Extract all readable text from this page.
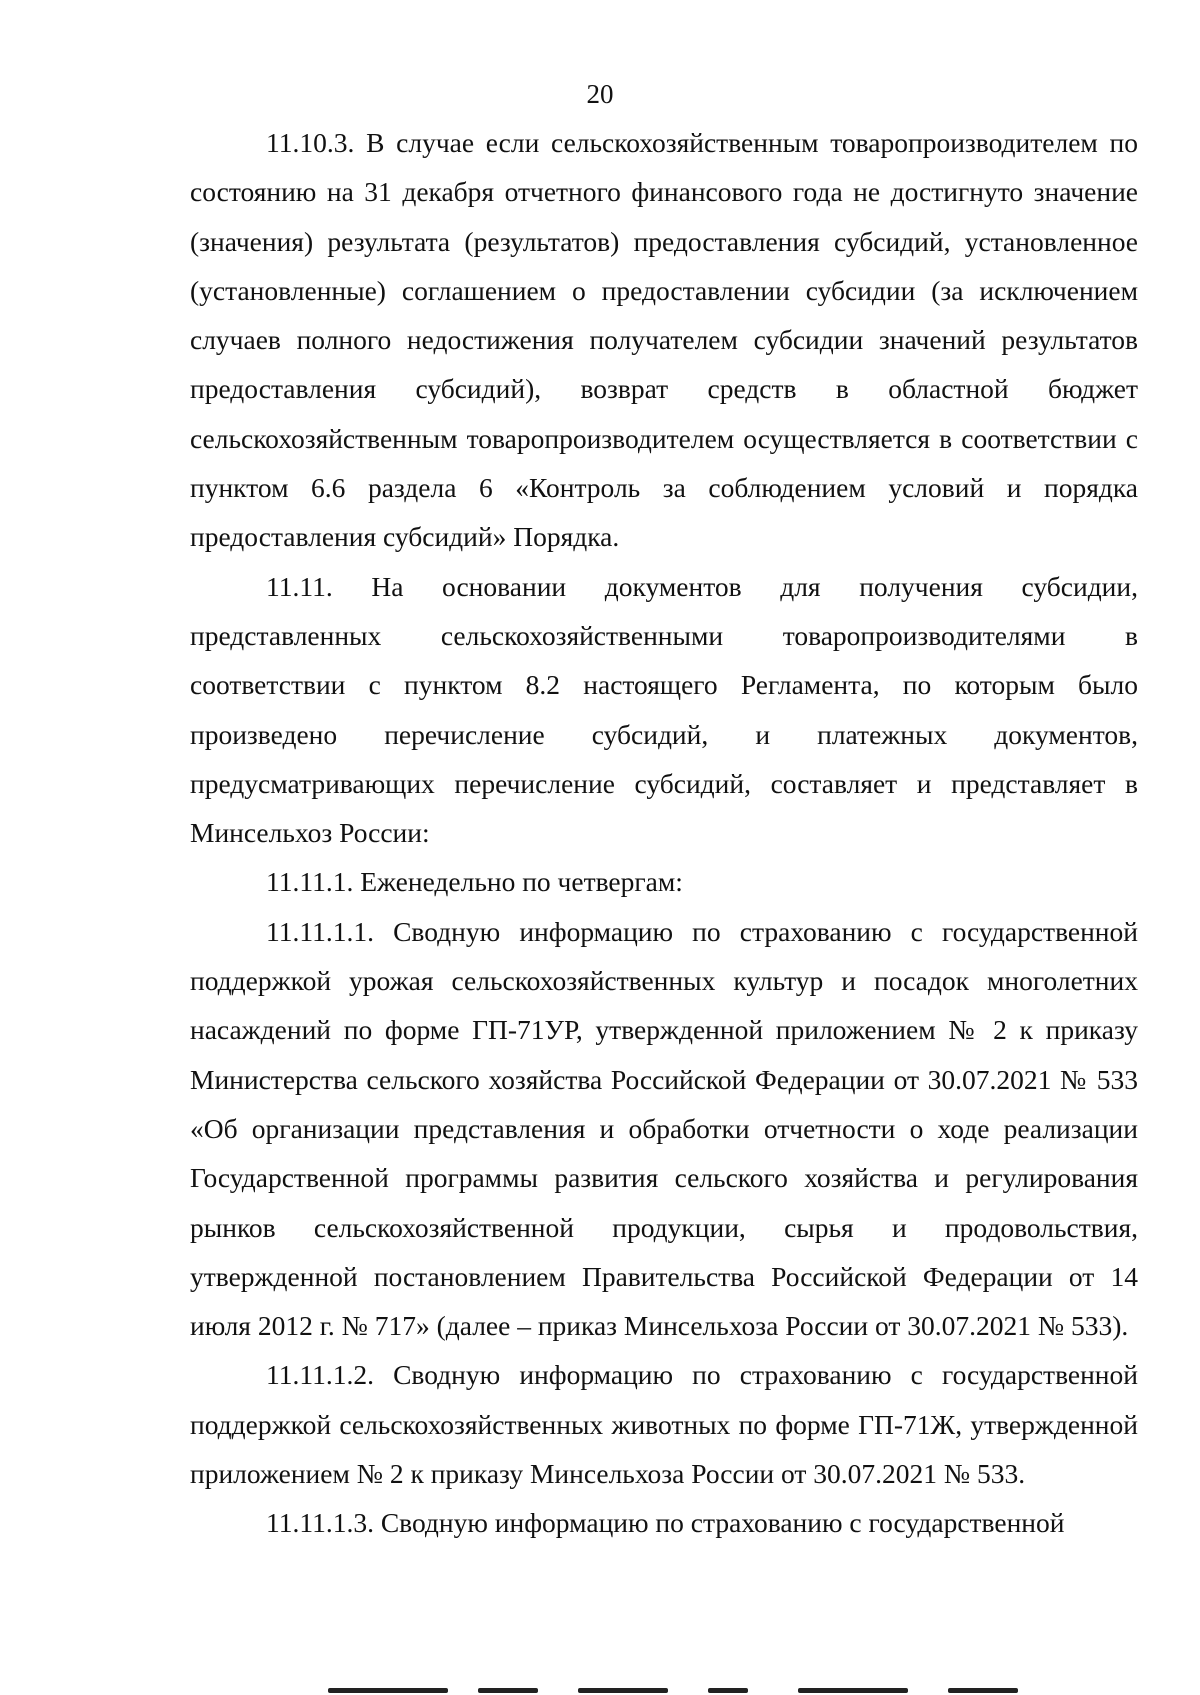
20

11.10.3. В случае если сельскохозяйственным товаропроизводителем по состоянию на 31 декабря отчетного финансового года не достигнуто значение (значения) результата (результатов) предоставления субсидий, установленное (установленные) соглашением о предоставлении субсидии (за исключением случаев полного недостижения получателем субсидии значений результатов предоставления субсидий), возврат средств в областной бюджет сельскохозяйственным товаропроизводителем осуществляется в соответствии с пунктом 6.6 раздела 6 «Контроль за соблюдением условий и порядка предоставления субсидий» Порядка.

11.11. На основании документов для получения субсидии, представленных сельскохозяйственными товаропроизводителями в соответствии с пунктом 8.2 настоящего Регламента, по которым было произведено перечисление субсидий, и платежных документов, предусматривающих перечисление субсидий, составляет и представляет в Минсельхоз России:

11.11.1. Еженедельно по четвергам:

11.11.1.1. Сводную информацию по страхованию с государственной поддержкой урожая сельскохозяйственных культур и посадок многолетних насаждений по форме ГП-71УР, утвержденной приложением № 2 к приказу Министерства сельского хозяйства Российской Федерации от 30.07.2021 № 533 «Об организации представления и обработки отчетности о ходе реализации Государственной программы развития сельского хозяйства и регулирования рынков сельскохозяйственной продукции, сырья и продовольствия, утвержденной постановлением Правительства Российской Федерации от 14 июля 2012 г. № 717» (далее – приказ Минсельхоза России от 30.07.2021 № 533).

11.11.1.2. Сводную информацию по страхованию с государственной поддержкой сельскохозяйственных животных по форме ГП-71Ж, утвержденной приложением № 2 к приказу Минсельхоза России от 30.07.2021 № 533.

11.11.1.3. Сводную информацию по страхованию с государственной
